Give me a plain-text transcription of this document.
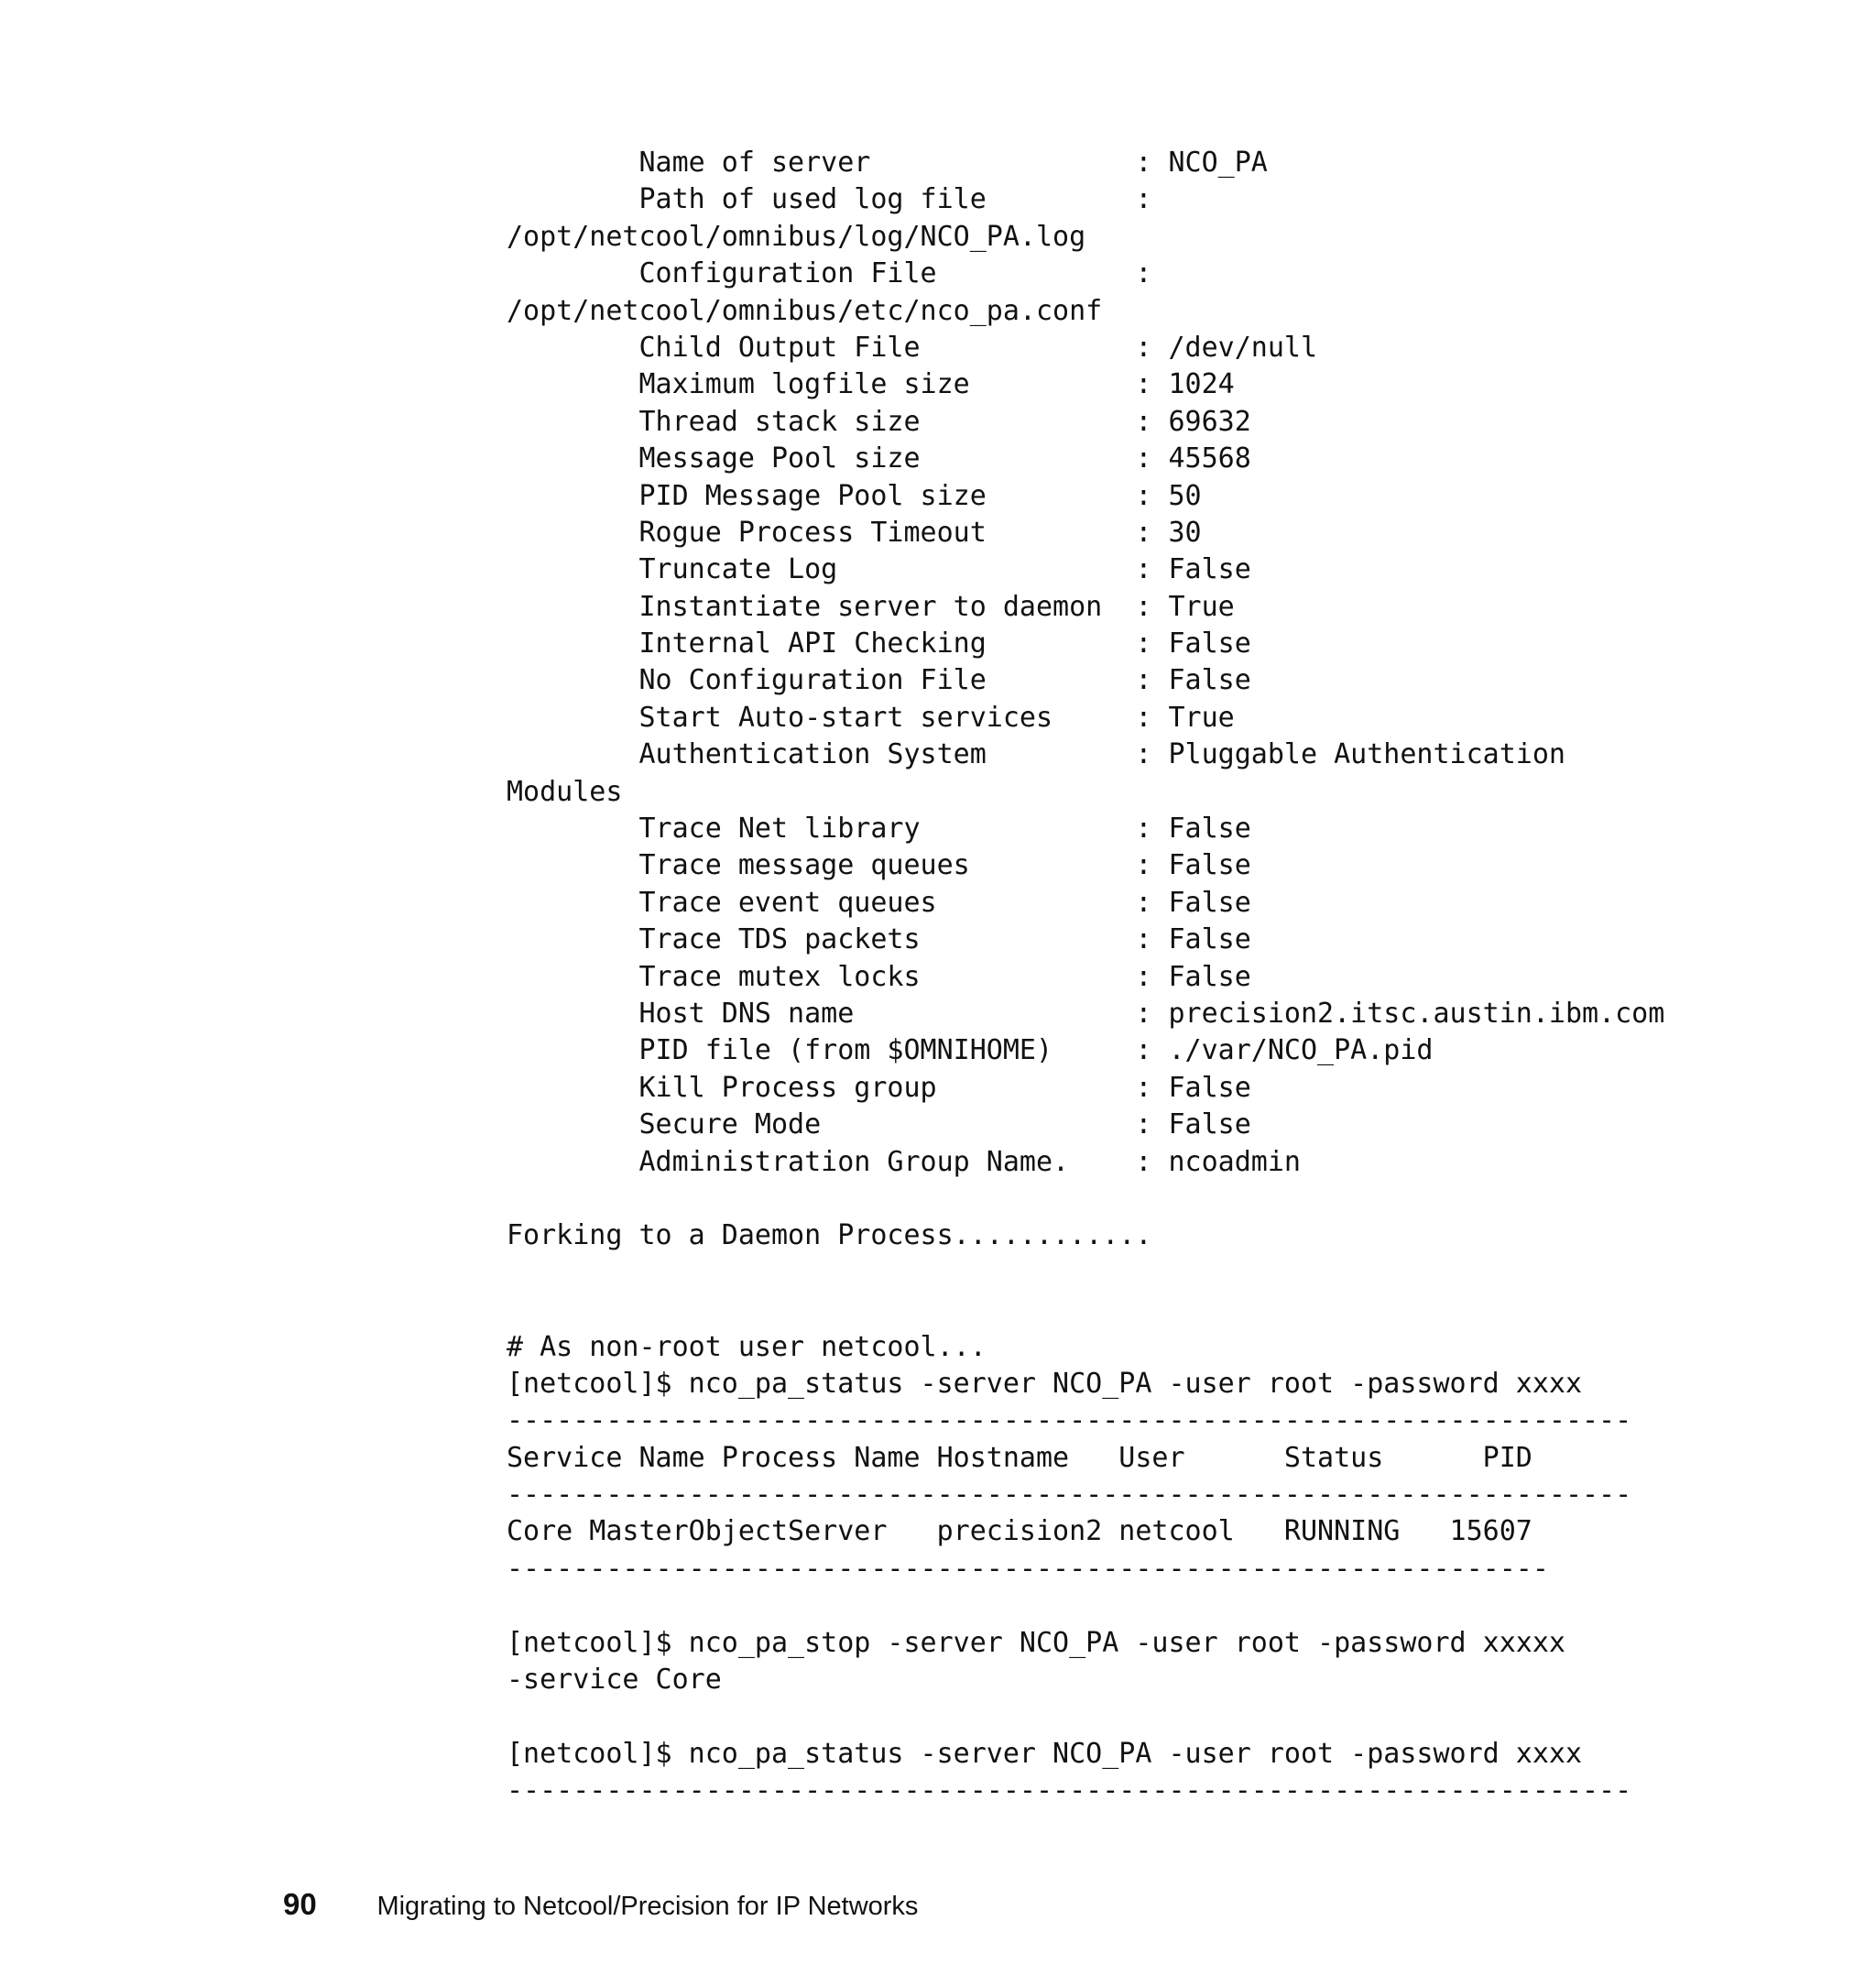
Name of server                : NCO_PA
Path of used log file         :
/opt/netcool/omnibus/log/NCO_PA.log
Configuration File            :
/opt/netcool/omnibus/etc/nco_pa.conf
Child Output File             : /dev/null
Maximum logfile size          : 1024
Thread stack size             : 69632
Message Pool size             : 45568
PID Message Pool size         : 50
Rogue Process Timeout         : 30
Truncate Log                  : False
Instantiate server to daemon  : True
Internal API Checking         : False
No Configuration File         : False
Start Auto-start services     : True
Authentication System         : Pluggable Authentication
Modules
Trace Net library             : False
Trace message queues          : False
Trace event queues            : False
Trace TDS packets             : False
Trace mutex locks             : False
Host DNS name                 : precision2.itsc.austin.ibm.com
PID file (from $OMNIHOME)     : ./var/NCO_PA.pid
Kill Process group            : False
Secure Mode                   : False
Administration Group Name.    : ncoadmin

Forking to a Daemon Process............

# As non-root user netcool...
[netcool]$ nco_pa_status -server NCO_PA -user root -password xxxx
--------------------------------------------------------------------
Service Name Process Name Hostname   User      Status      PID
--------------------------------------------------------------------
Core MasterObjectServer   precision2 netcool   RUNNING   15607
---------------------------------------------------------------

[netcool]$ nco_pa_stop -server NCO_PA -user root -password xxxxx
-service Core

[netcool]$ nco_pa_status -server NCO_PA -user root -password xxxx
--------------------------------------------------------------------
90 Migrating to Netcool/Precision for IP Networks
